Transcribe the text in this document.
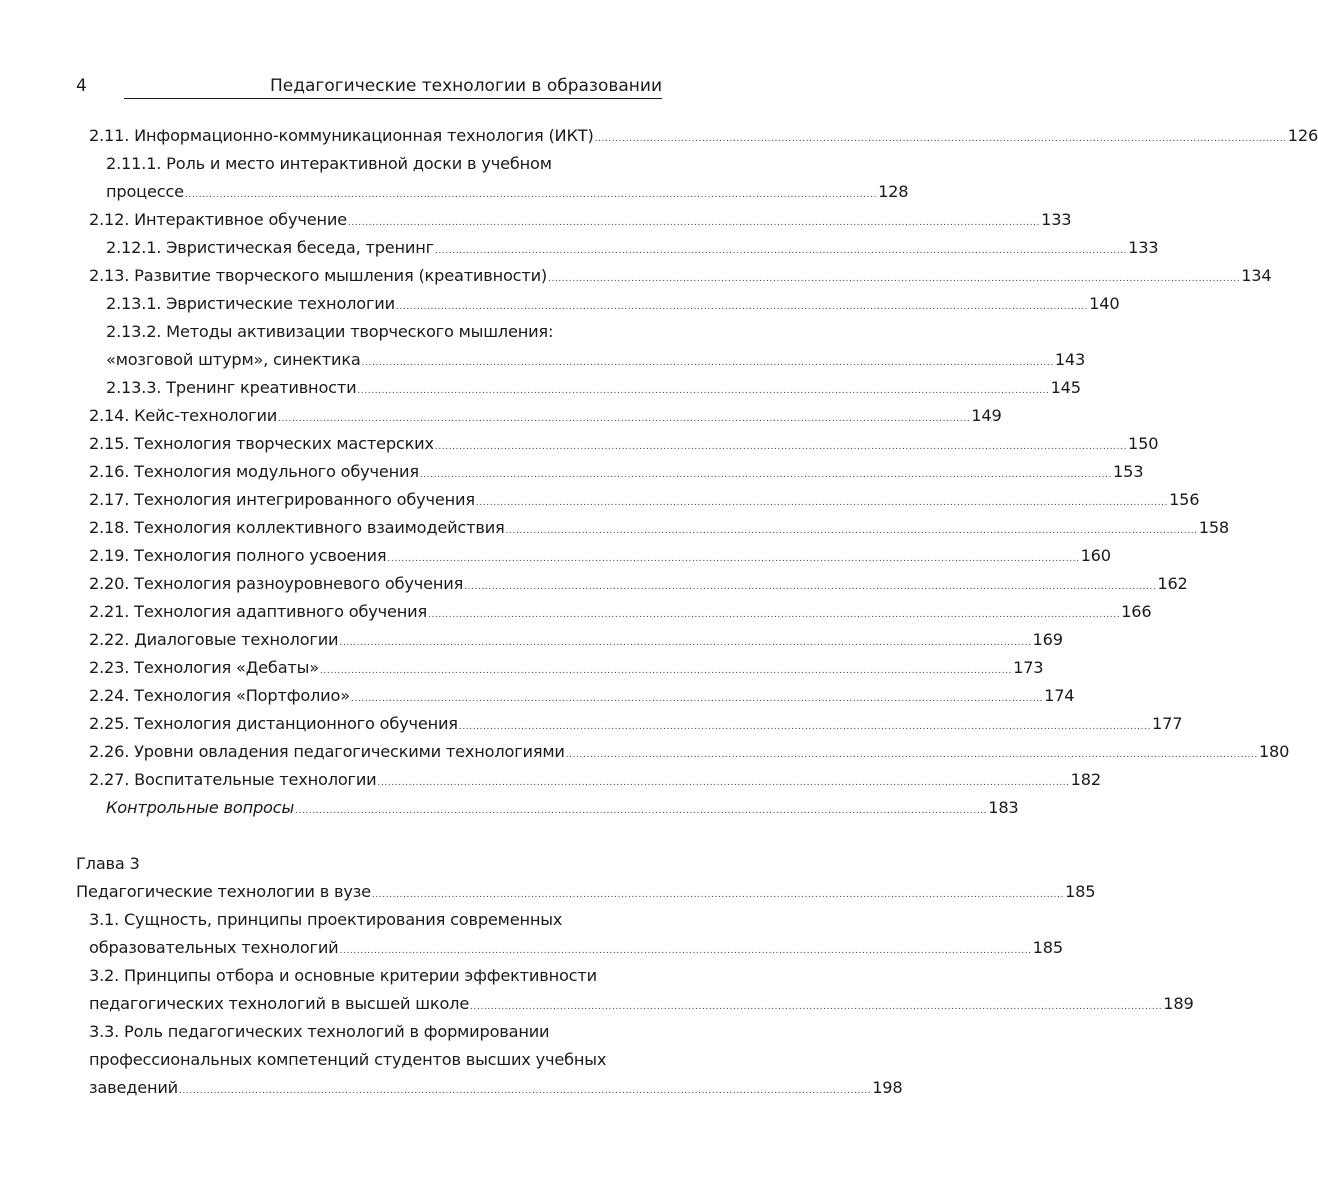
4	Педагогические технологии в образовании
2.11. Информационно-коммуникационная технология (ИКТ) ........................................................................................................................................................................................................ 126
2.11.1. Роль и место интерактивной доски в учебном
процессе ........................................................................................................................................................................................................ 128
2.12. Интерактивное обучение ........................................................................................................................................................................................................ 133
2.12.1. Эвристическая беседа, тренинг ........................................................................................................................................................................................................ 133
2.13. Развитие творческого мышления (креативности) ........................................................................................................................................................................................................ 134
2.13.1. Эвристические технологии ........................................................................................................................................................................................................ 140
2.13.2. Методы активизации творческого мышления:
«мозговой штурм», синектика ........................................................................................................................................................................................................ 143
2.13.3. Тренинг креативности ........................................................................................................................................................................................................ 145
2.14. Кейс-технологии ........................................................................................................................................................................................................ 149
2.15. Технология творческих мастерских ........................................................................................................................................................................................................ 150
2.16. Технология модульного обучения ........................................................................................................................................................................................................ 153
2.17. Технология интегрированного обучения ........................................................................................................................................................................................................ 156
2.18. Технология коллективного взаимодействия ........................................................................................................................................................................................................ 158
2.19. Технология полного усвоения ........................................................................................................................................................................................................ 160
2.20. Технология разноуровневого обучения ........................................................................................................................................................................................................ 162
2.21. Технология адаптивного обучения ........................................................................................................................................................................................................ 166
2.22. Диалоговые технологии ........................................................................................................................................................................................................ 169
2.23. Технология «Дебаты» ........................................................................................................................................................................................................ 173
2.24. Технология «Портфолио» ........................................................................................................................................................................................................ 174
2.25. Технология дистанционного обучения ........................................................................................................................................................................................................ 177
2.26. Уровни овладения педагогическими технологиями ........................................................................................................................................................................................................ 180
2.27. Воспитательные технологии ........................................................................................................................................................................................................ 182
Контрольные вопросы ........................................................................................................................................................................................................ 183
Глава 3
Педагогические технологии в вузе ........................................................................................................................................................................................................ 185
3.1. Сущность, принципы проектирования современных
образовательных технологий ........................................................................................................................................................................................................ 185
3.2. Принципы отбора и основные критерии эффективности
педагогических технологий в высшей школе ........................................................................................................................................................................................................ 189
3.3. Роль педагогических технологий в формировании
профессиональных компетенций студентов высших учебных
заведений ........................................................................................................................................................................................................ 198
